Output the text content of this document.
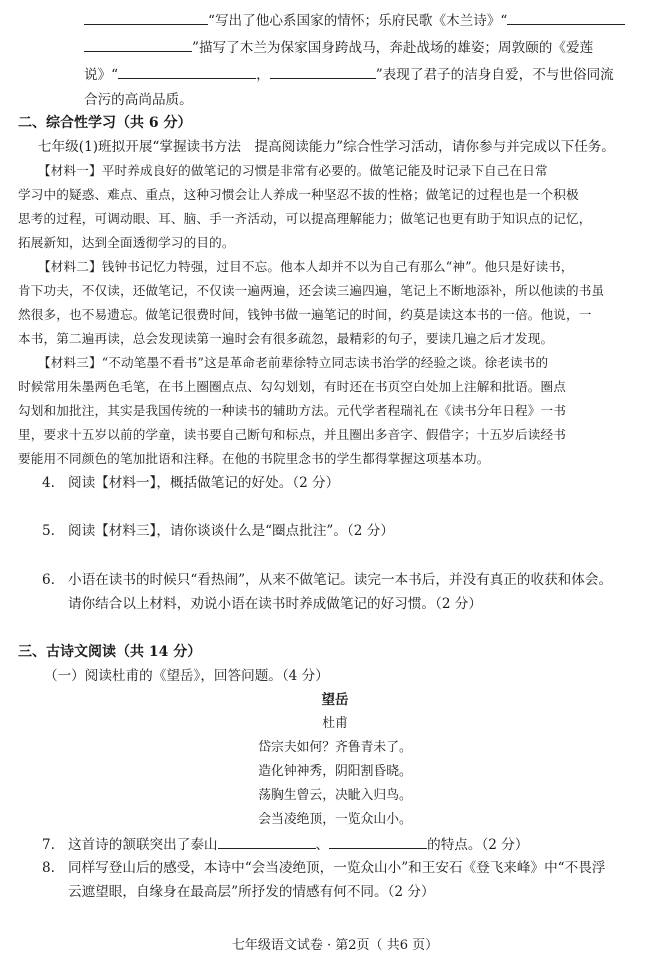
“写出了他心系国家的情怀；乐府民歌《木兰诗》“
”描写了木兰为保家国身跨战马，奔赴战场的雄姿；周敦颐的《爱莲
说》“	，	”表现了君子的洁身自爱，不与世俗同流
合污的高尚品质。
二、综合性学习（共 6 分）
七年级(1)班拟开展“掌握读书方法　提高阅读能力”综合性学习活动，请你参与并完成以下任务。
【材料一】平时养成良好的做笔记的习惯是非常有必要的。做笔记能及时记录下自己在日常
学习中的疑惑、难点、重点，这种习惯会让人养成一种坚忍不拔的性格；做笔记的过程也是一个积极
思考的过程，可调动眼、耳、脑、手一齐活动，可以提高理解能力；做笔记也更有助于知识点的记忆，
拓展新知，达到全面透彻学习的目的。
【材料二】钱钟书记忆力特强，过目不忘。他本人却并不以为自己有那么“神”。他只是好读书，
肯下功夫，不仅读，还做笔记，不仅读一遍两遍，还会读三遍四遍，笔记上不断地添补，所以他读的书虽
然很多，也不易遗忘。做笔记很费时间，钱钟书做一遍笔记的时间，约莫是读这本书的一倍。他说，一
本书，第二遍再读，总会发现读第一遍时会有很多疏忽，最精彩的句子，要读几遍之后才发现。
【材料三】“不动笔墨不看书”这是革命老前辈徐特立同志读书治学的经验之谈。徐老读书的
时候常用朱墨两色毛笔，在书上圈圈点点、勾勾划划，有时还在书页空白处加上注解和批语。圈点
勾划和加批注，其实是我国传统的一种读书的辅助方法。元代学者程瑞礼在《读书分年日程》一书
里，要求十五岁以前的学童，读书要自己断句和标点，并且圈出多音字、假借字；十五岁后读经书
要能用不同颜色的笔加批语和注释。在他的书院里念书的学生都得掌握这项基本功。
4. 阅读【材料一】，概括做笔记的好处。（2 分）
5. 阅读【材料三】，请你谈谈什么是“圈点批注”。（2 分）
6. 小语在读书的时候只“看热闹”，从来不做笔记。读完一本书后，并没有真正的收获和体会。
请你结合以上材料，劝说小语在读书时养成做笔记的好习惯。（2 分）
三、古诗文阅读（共 14 分）
（一）阅读杜甫的《望岳》，回答问题。（4 分）
望岳
杜甫
岱宗夫如何？齐鲁青未了。
造化钟神秀，阴阳割昏晓。
荡胸生曾云，决眦入归鸟。
会当凌绝顶，一览众山小。
7. 这首诗的颔联突出了泰山	、	的特点。（2 分）
8. 同样写登山后的感受，本诗中“会当凌绝顶，一览众山小”和王安石《登飞来峰》中“不畏浮
云遮望眼，自缘身在最高层”所抒发的情感有何不同。（2 分）
七年级语文试卷 · 第2页（ 共6 页）
